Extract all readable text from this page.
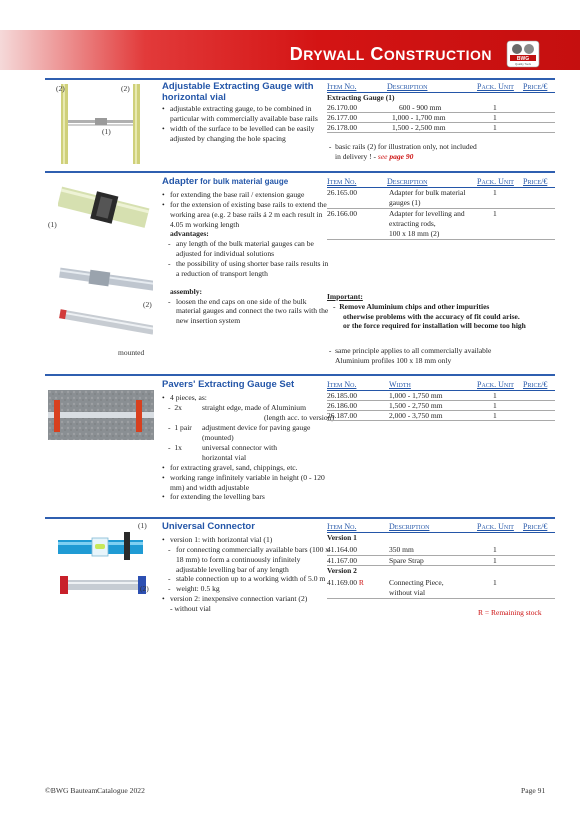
DRYWALL CONSTRUCTION	BWG
Quality Tools
(2)	(2)
(1)
Adjustable Extracting Gauge with
horizontal vial
• adjustable extracting gauge, to be combined in particular with commercially available base rails
• width of the surface to be levelled can be easily adjusted by changing the hole spacing
Item No.	Description	Pack. Unit Price/€
Extracting Gauge (1)
26.170.00	600 - 900 mm	1
26.177.00	1,000 - 1,700 mm	1
26.178.00	1,500 - 2,500 mm	1
-  basic rails (2) for illustration only, not included
in delivery ! - see page 90
(1)
(2)
mounted
Adapter for bulk material gauge
• for extending the base rail / extension gauge
• for the extension of existing base rails to extend the working area (e.g. 2 base rails á 2 m each result in 4.05 m working length
advantages:
- any length of the bulk material gauges can be adjusted for individual solutions
- the possibility of using shorter base rails results in a reduction of transport length
assembly:
- loosen the end caps on one side of the bulk material gauges and connect the two rails with the new insertion system
Item No.	Description	Pack. Unit Price/€
26.165.00	Adapter for bulk material
gauges (1)
1
26.166.00	Adapter for levelling and
extracting rods,
100 x 18 mm (2)
1
Important:
-  Remove Aluminium chips and other impurities
otherwise problems with the accuracy of fit could arise.
or the force required for installation will become too high
-  same principle applies to all commercially available
Aluminium profiles 100 x 18 mm only
Pavers' Extracting Gauge Set
• 4 pieces, as:
-  2x	straight edge, made of Aluminium
(length acc. to version)
-  1 pair adjustment device for paving gauge
(mounted)
-  1x	universal connector with
horizontal vial
• for extracting gravel, sand, chippings, etc.
• working range infinitely variable in height (0 - 120 mm) and width adjustable
• for extending the levelling bars
Item No.	Width	Pack. Unit Price/€
26.185.00	1,000 - 1,750 mm	1
26.186.00	1,500 - 2,750 mm	1
26.187.00	2,000 - 3,750 mm	1
(1)
(2)
Universal Connector
• version 1: with horizontal vial (1)
- for connecting commercially available bars (100 x 18 mm) to form a continuously infinitely adjustable levelling bar of any length
- stable connection up to a working width of 5.0 m
- weight: 0.5 kg
• version 2: inexpensive connection variant (2)
- without vial
Item No.	Description	Pack. Unit Price/€
Version 1
41.164.00	350 mm	1
41.167.00	Spare Strap	1
Version 2
41.169.00 R	Connecting Piece,
without vial
1
R = Remaining stock
©BWG Bauteam Catalogue 2022	Page 91
